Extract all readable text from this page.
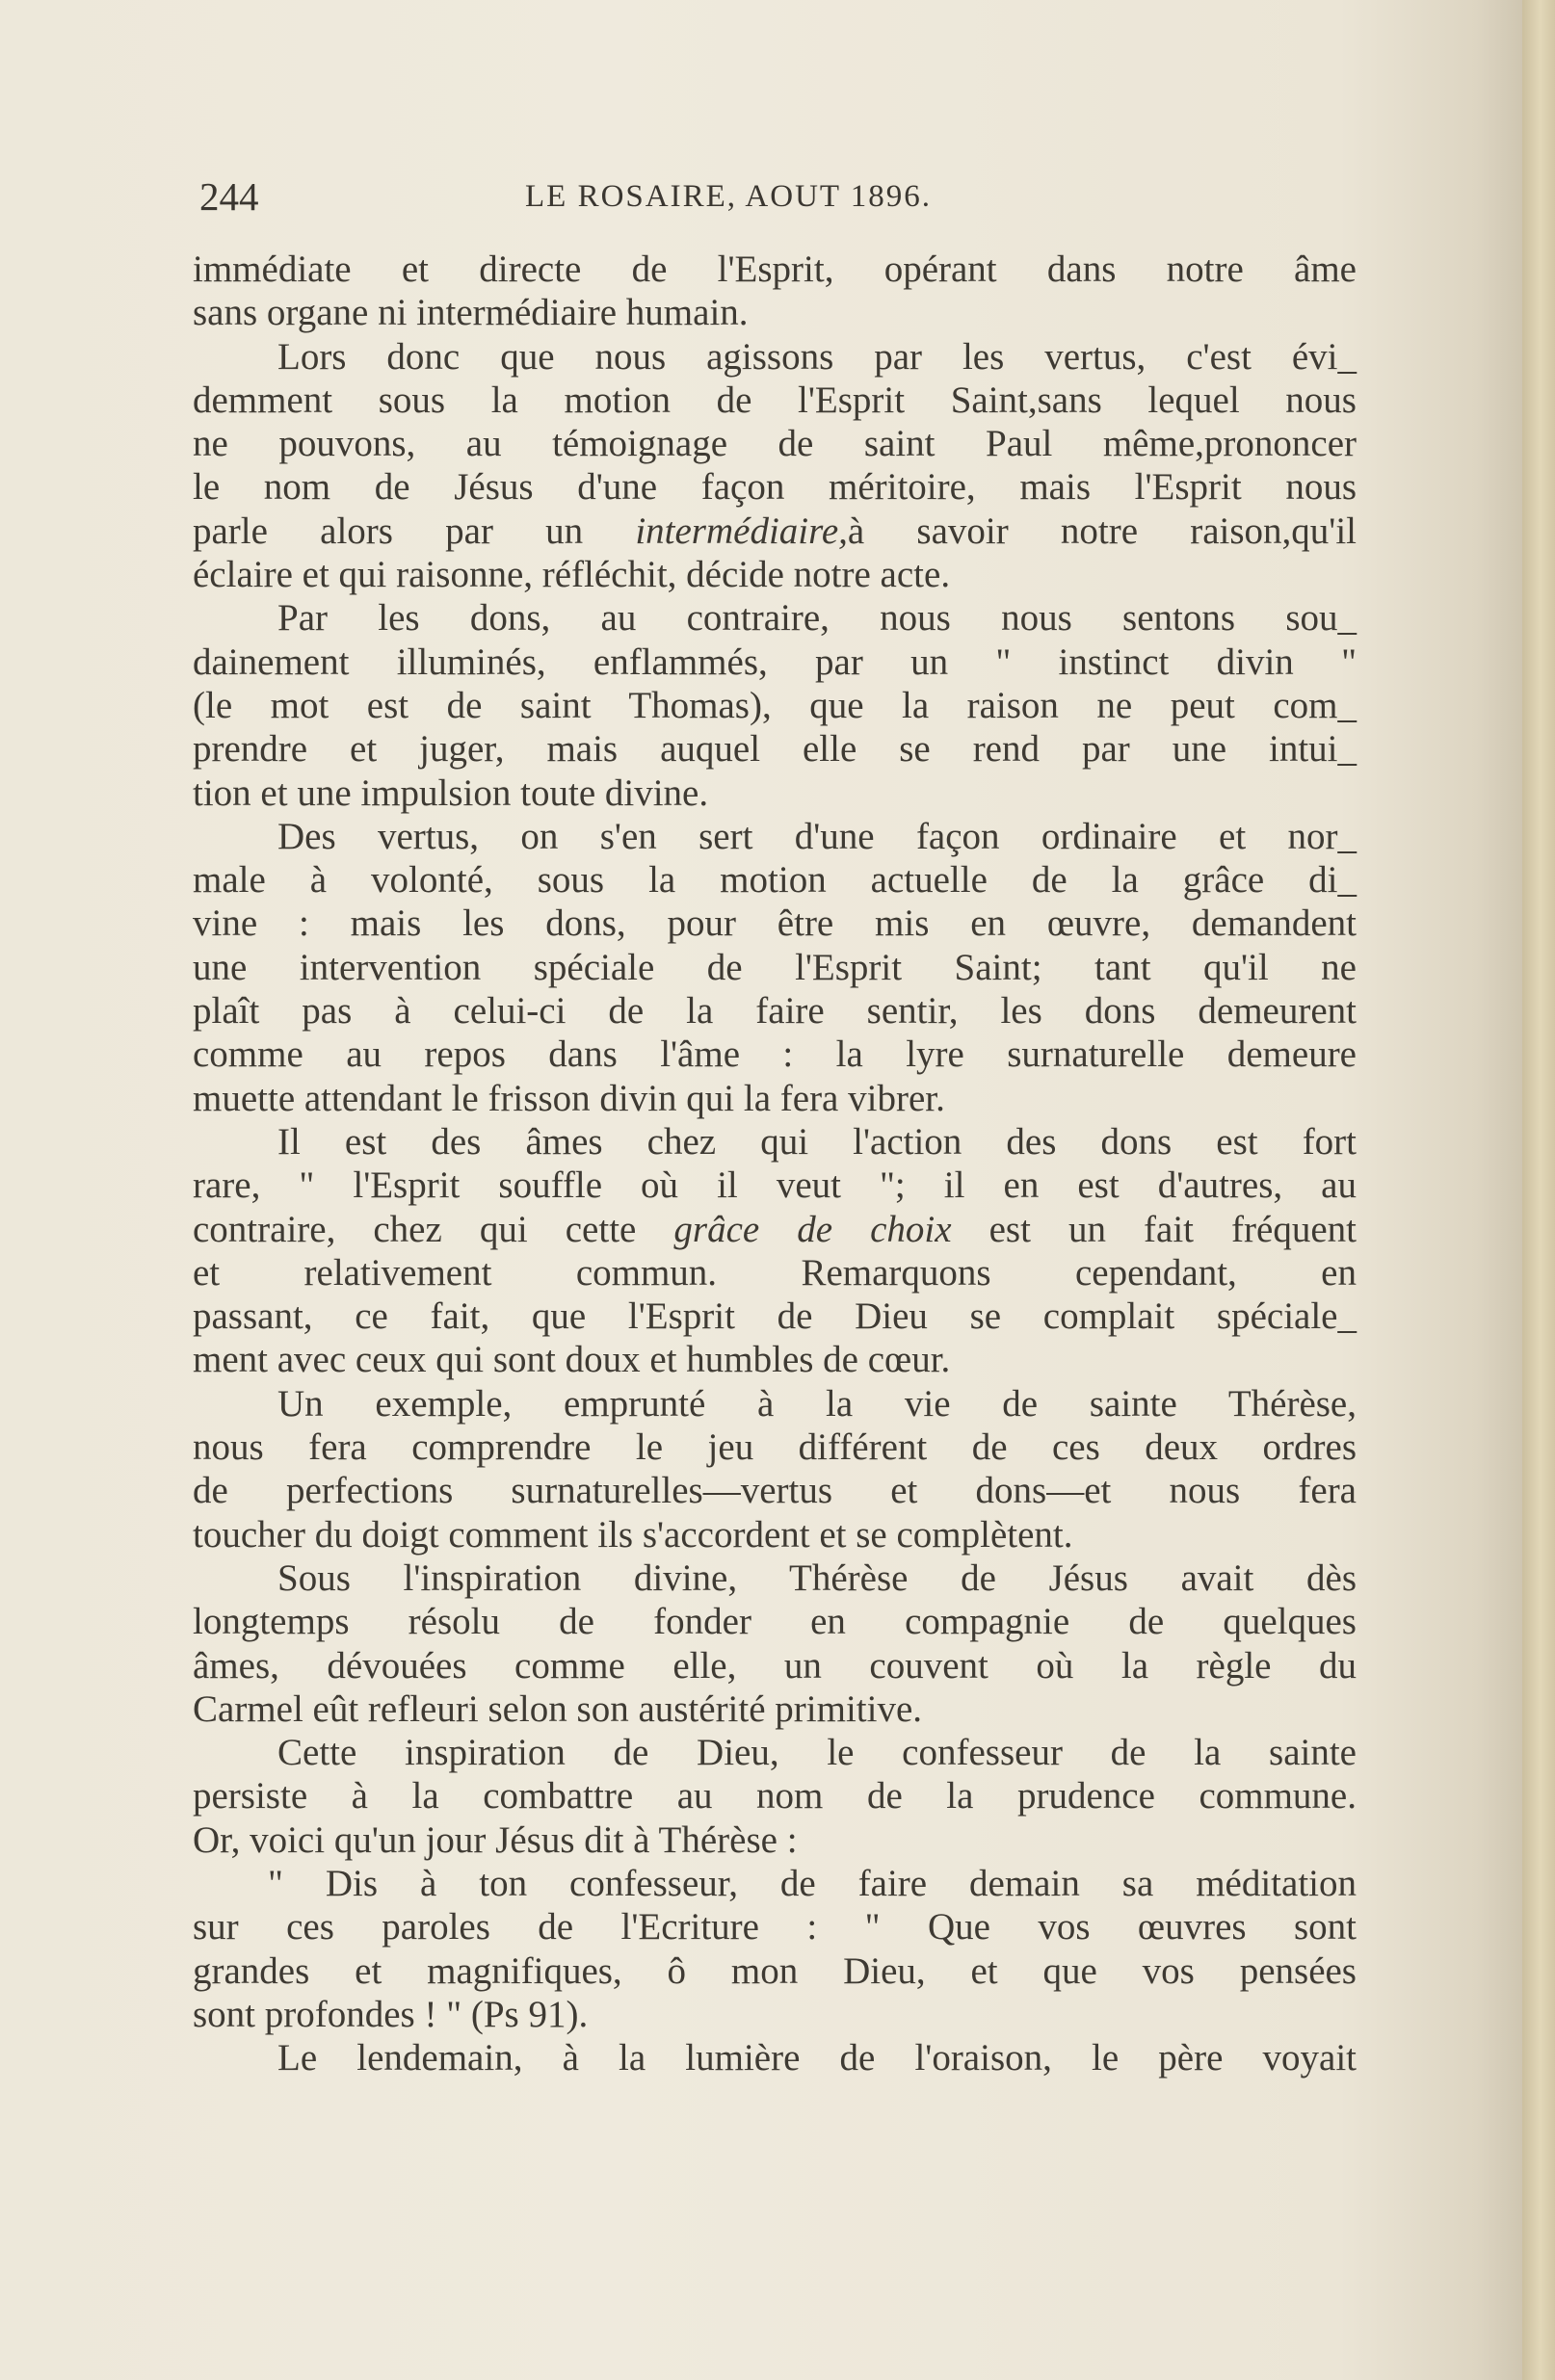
244	LE ROSAIRE, AOUT 1896.
immédiate et directe de l'Esprit, opérant dans notre âme
sans organe ni intermédiaire humain.
Lors donc que nous agissons par les vertus, c'est évi_
demment sous la motion de l'Esprit Saint,sans lequel nous
ne pouvons, au témoignage de saint Paul même,prononcer
le nom de Jésus d'une façon méritoire, mais l'Esprit nous
parle alors par un intermédiaire,à savoir notre raison,qu'il
éclaire et qui raisonne, réfléchit, décide notre acte.
Par les dons, au contraire, nous nous sentons sou_
dainement illuminés, enflammés, par un " instinct divin "
(le mot est de saint Thomas), que la raison ne peut com_
prendre et juger, mais auquel elle se rend par une intui_
tion et une impulsion toute divine.
Des vertus, on s'en sert d'une façon ordinaire et nor_
male à volonté, sous la motion actuelle de la grâce di_
vine : mais les dons, pour être mis en œuvre, demandent
une intervention spéciale de l'Esprit Saint; tant qu'il ne
plaît pas à celui-ci de la faire sentir, les dons demeurent
comme au repos dans l'âme : la lyre surnaturelle demeure
muette attendant le frisson divin qui la fera vibrer.
Il est des âmes chez qui l'action des dons est fort
rare, " l'Esprit souffle où il veut "; il en est d'autres, au
contraire, chez qui cette grâce de choix est un fait fréquent
et relativement commun. Remarquons cependant, en
passant, ce fait, que l'Esprit de Dieu se complait spéciale_
ment avec ceux qui sont doux et humbles de cœur.
Un exemple, emprunté à la vie de sainte Thérèse,
nous fera comprendre le jeu différent de ces deux ordres
de perfections surnaturelles—vertus et dons—et nous fera
toucher du doigt comment ils s'accordent et se complètent.
Sous l'inspiration divine, Thérèse de Jésus avait dès
longtemps résolu de fonder en compagnie de quelques
âmes, dévouées comme elle, un couvent où la règle du
Carmel eût refleuri selon son austérité primitive.
Cette inspiration de Dieu, le confesseur de la sainte
persiste à la combattre au nom de la prudence commune.
Or, voici qu'un jour Jésus dit à Thérèse :
" Dis à ton confesseur, de faire demain sa méditation
sur ces paroles de l'Ecriture : " Que vos œuvres sont
grandes et magnifiques, ô mon Dieu, et que vos pensées
sont profondes ! " (Ps 91).
Le lendemain, à la lumière de l'oraison, le père voyait
